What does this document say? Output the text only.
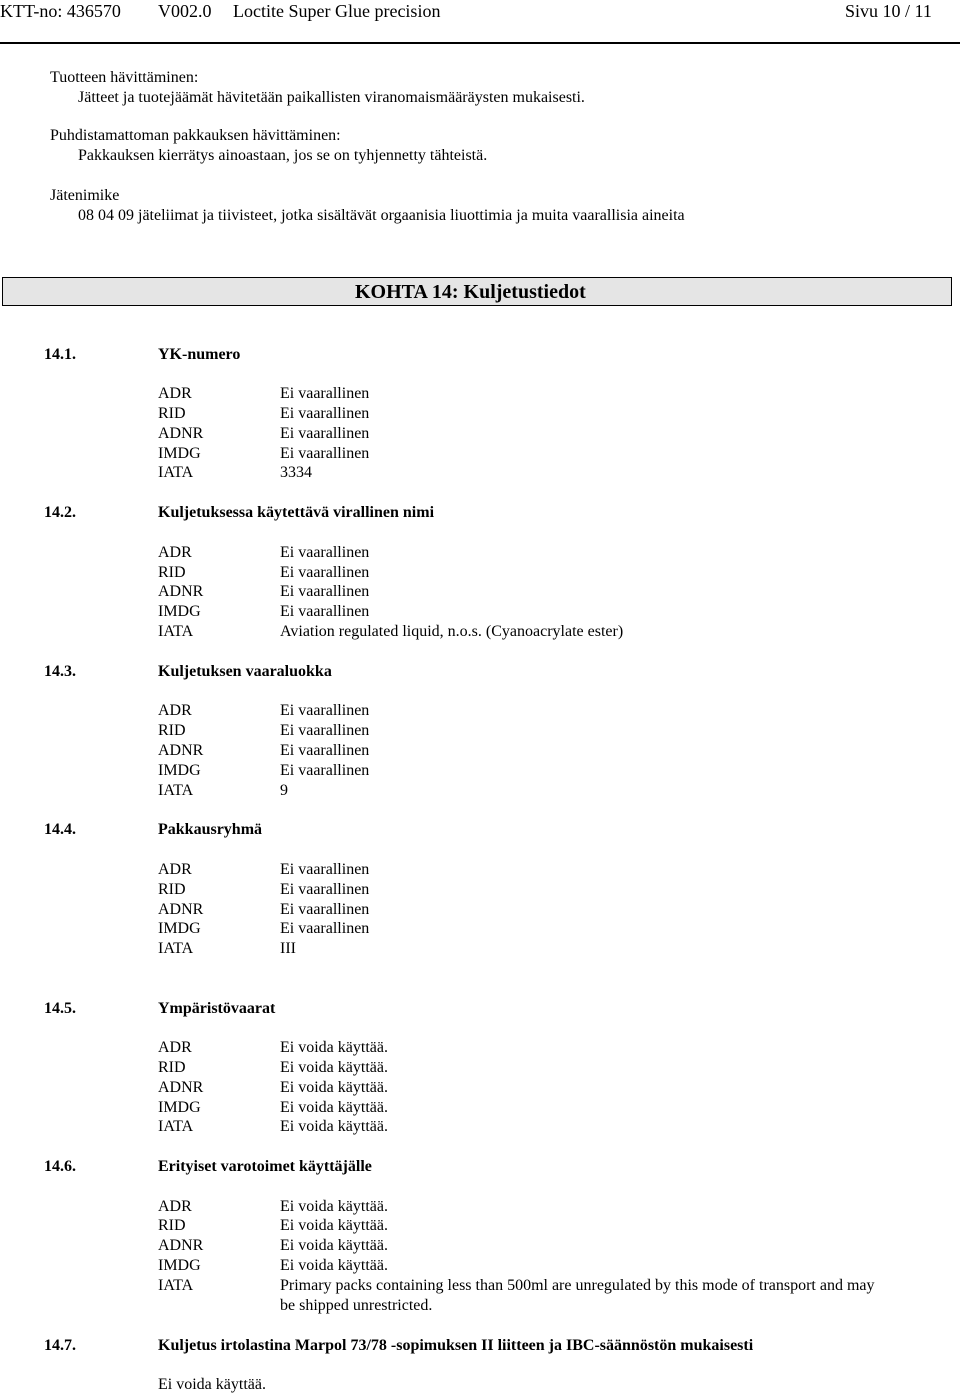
KTT-no: 436570 V002.0 Loctite Super Glue precision	Sivu 10 / 11
Tuotteen hävittäminen:
Jätteet ja tuotejäämät hävitetään paikallisten viranomaismääräysten mukaisesti.
Puhdistamattoman pakkauksen hävittäminen:
Pakkauksen kierrätys ainoastaan, jos se on tyhjennetty tähteistä.
Jätenimike
08 04 09 jäteliimat ja tiivisteet, jotka sisältävät orgaanisia liuottimia ja muita vaarallisia aineita
KOHTA 14: Kuljetustiedot
14.1.	YK-numero
ADR	Ei vaarallinen
RID	Ei vaarallinen
ADNR	Ei vaarallinen
IMDG	Ei vaarallinen
IATA	3334
14.2.	Kuljetuksessa käytettävä virallinen nimi
ADR	Ei vaarallinen
RID	Ei vaarallinen
ADNR	Ei vaarallinen
IMDG	Ei vaarallinen
IATA	Aviation regulated liquid, n.o.s. (Cyanoacrylate ester)
14.3.	Kuljetuksen vaaraluokka
ADR	Ei vaarallinen
RID	Ei vaarallinen
ADNR	Ei vaarallinen
IMDG	Ei vaarallinen
IATA	9
14.4.	Pakkausryhmä
ADR	Ei vaarallinen
RID	Ei vaarallinen
ADNR	Ei vaarallinen
IMDG	Ei vaarallinen
IATA	III
14.5.	Ympäristövaarat
ADR	Ei voida käyttää.
RID	Ei voida käyttää.
ADNR	Ei voida käyttää.
IMDG	Ei voida käyttää.
IATA	Ei voida käyttää.
14.6.	Erityiset varotoimet käyttäjälle
ADR	Ei voida käyttää.
RID	Ei voida käyttää.
ADNR	Ei voida käyttää.
IMDG	Ei voida käyttää.
IATA	Primary packs containing less than 500ml are unregulated by this mode of transport and may be shipped unrestricted.
14.7.	Kuljetus irtolastina Marpol 73/78 -sopimuksen II liitteen ja IBC-säännöstön mukaisesti
Ei voida käyttää.
